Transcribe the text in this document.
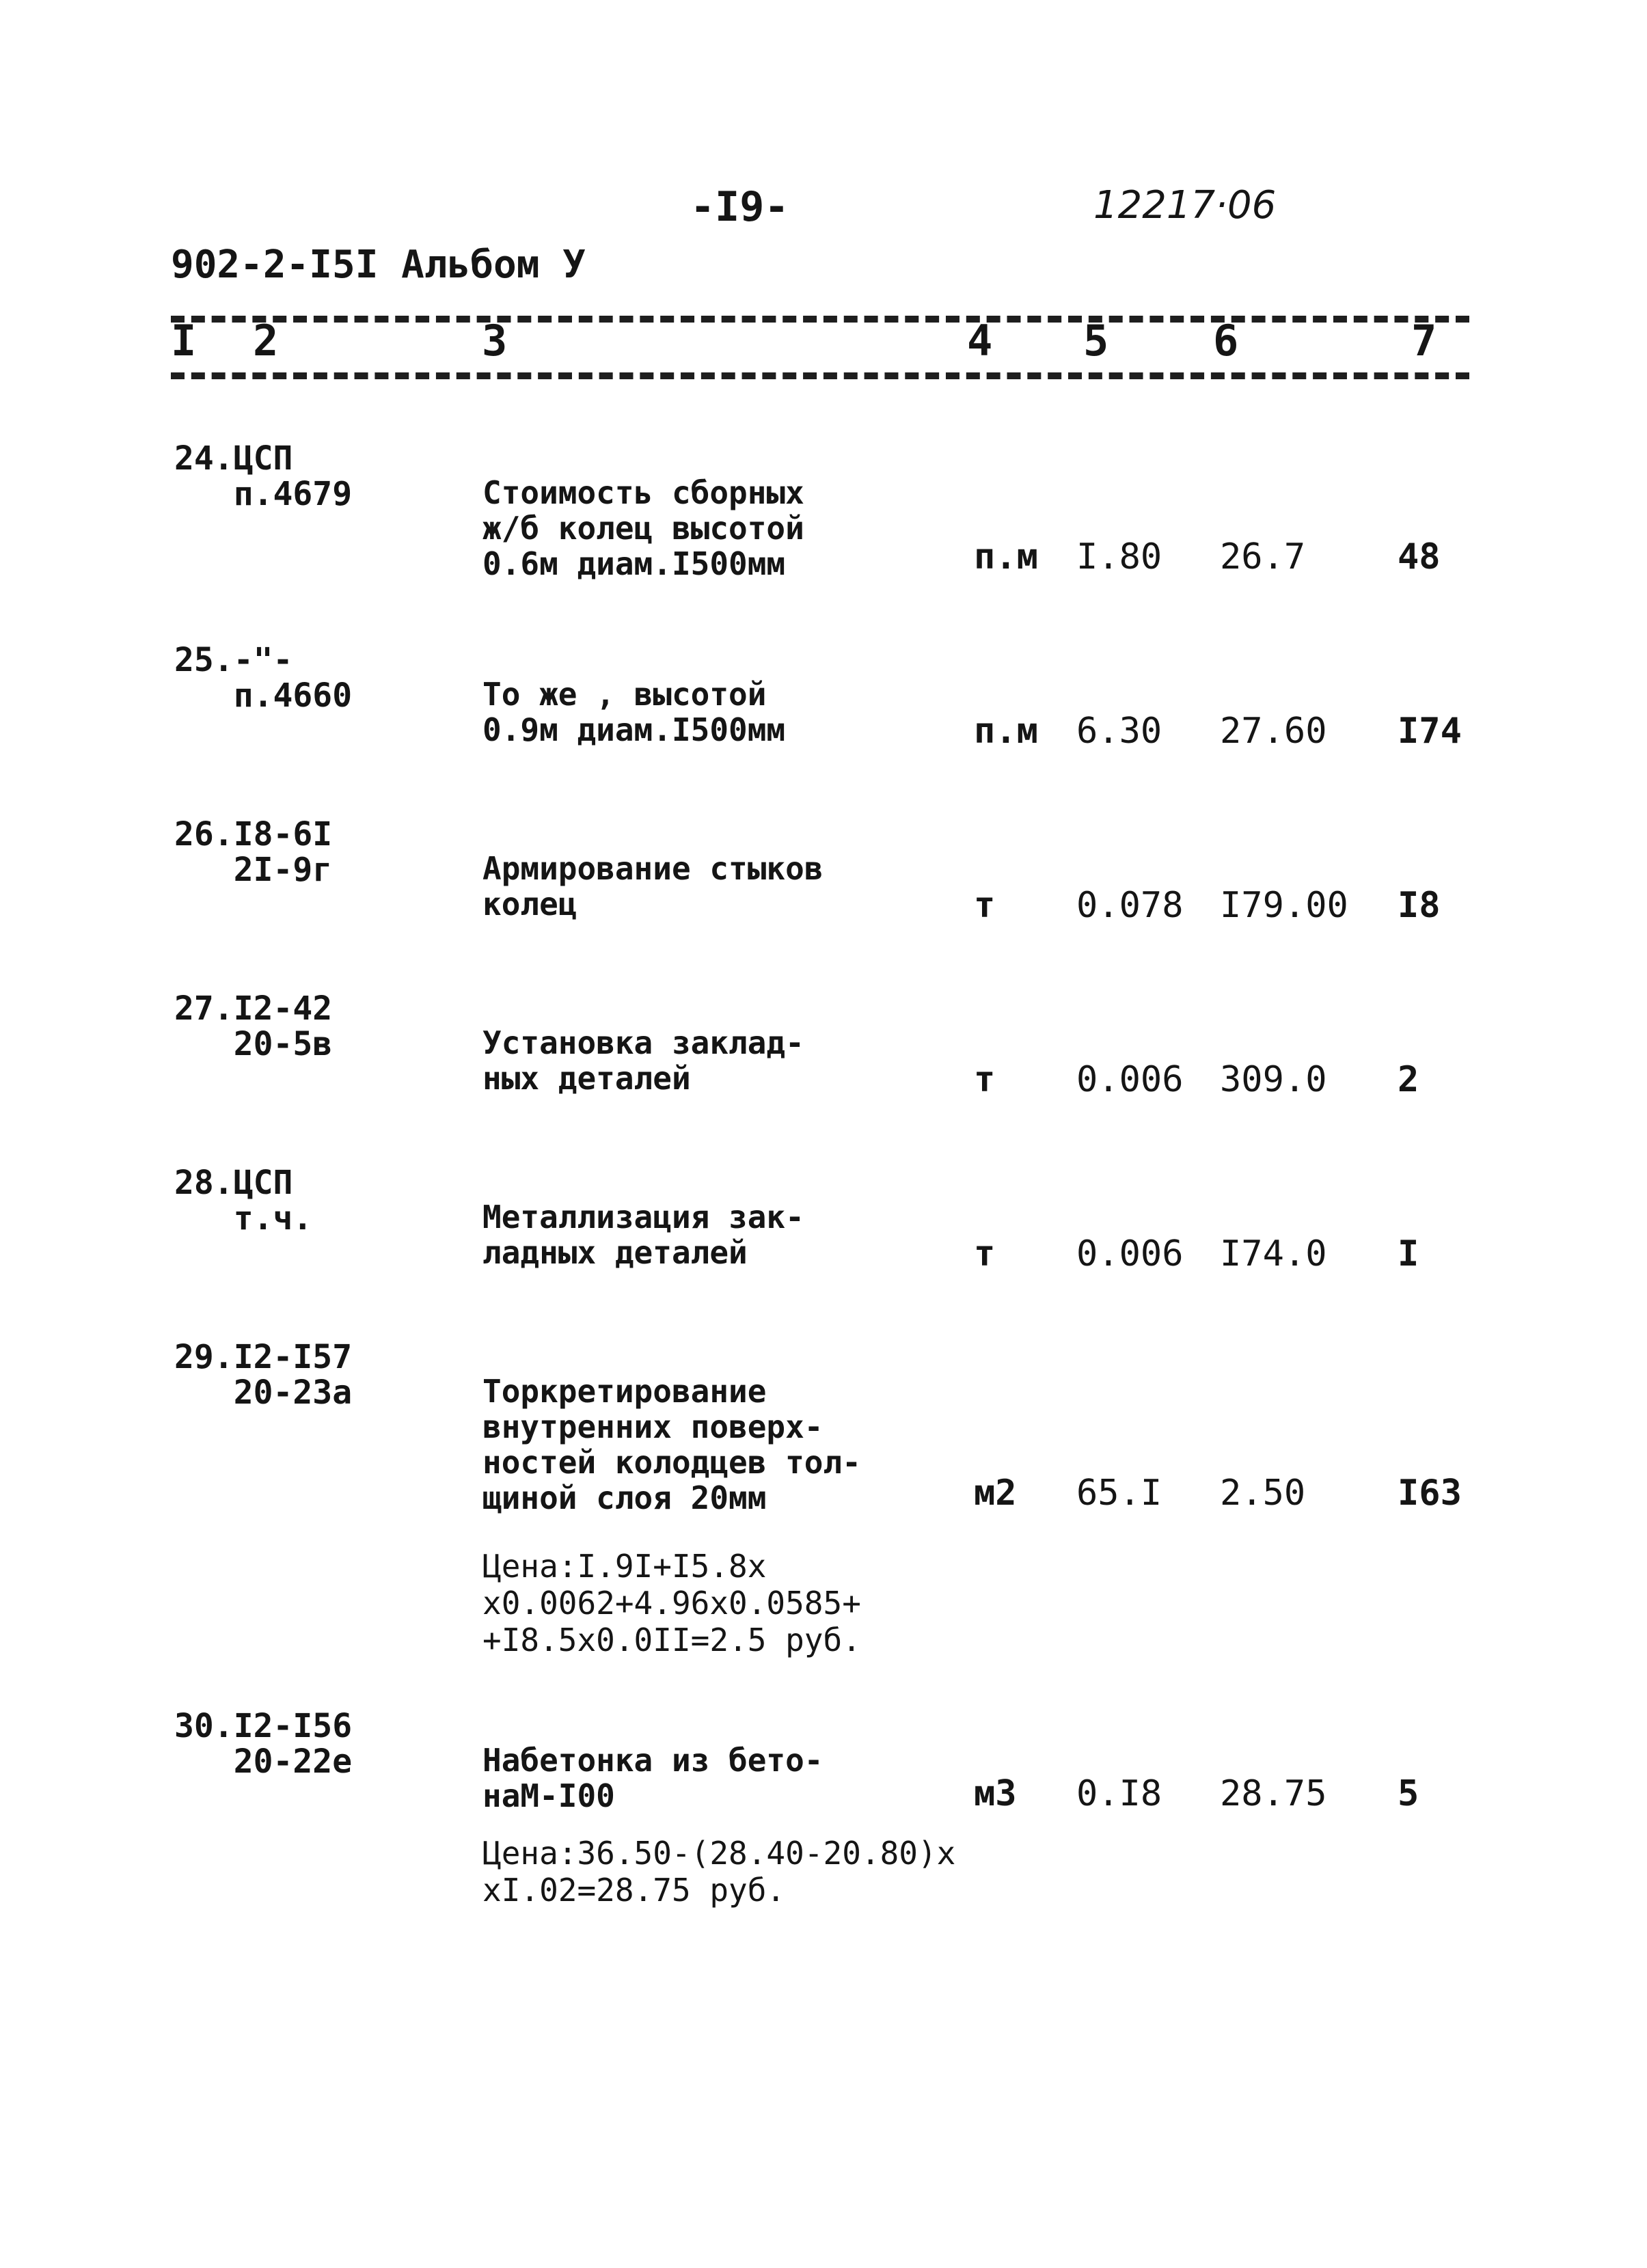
-I9-	12217·06
902-2-I5I Альбом У
I 2	3	4 5 6	7
24.ЦСП
п.4679	Стоимость сборных
ж/б колец высотой
0.6м диам.I500мм	п.м I.80 26.7	48
25.-"-
п.4660	То же , высотой
0.9м диам.I500мм	п.м 6.30 27.60 I74
26.I8-6I
2I-9г	Армирование стыков
колец	т 0.078 I79.00 I8
27.I2-42
20-5в	Установка заклад-
ных деталей	т 0.006 309.0 2
28.ЦСП
т.ч.	Металлизация зак-
ладных деталей	т 0.006 I74.0 I
29.I2-I57
20-23а	Торкретирование
внутренних поверх-
ностей колодцев тол-
щиной слоя 20мм	м2 65.I 2.50	I63
Цена:I.9I+I5.8х
х0.0062+4.96х0.0585+
+I8.5х0.0II=2.5 руб.
30.I2-I56
20-22е	Набетонка из бето-
наМ-I00	м3 0.I8 28.75 5
Цена:36.50-(28.40-20.80)х
хI.02=28.75 руб.
